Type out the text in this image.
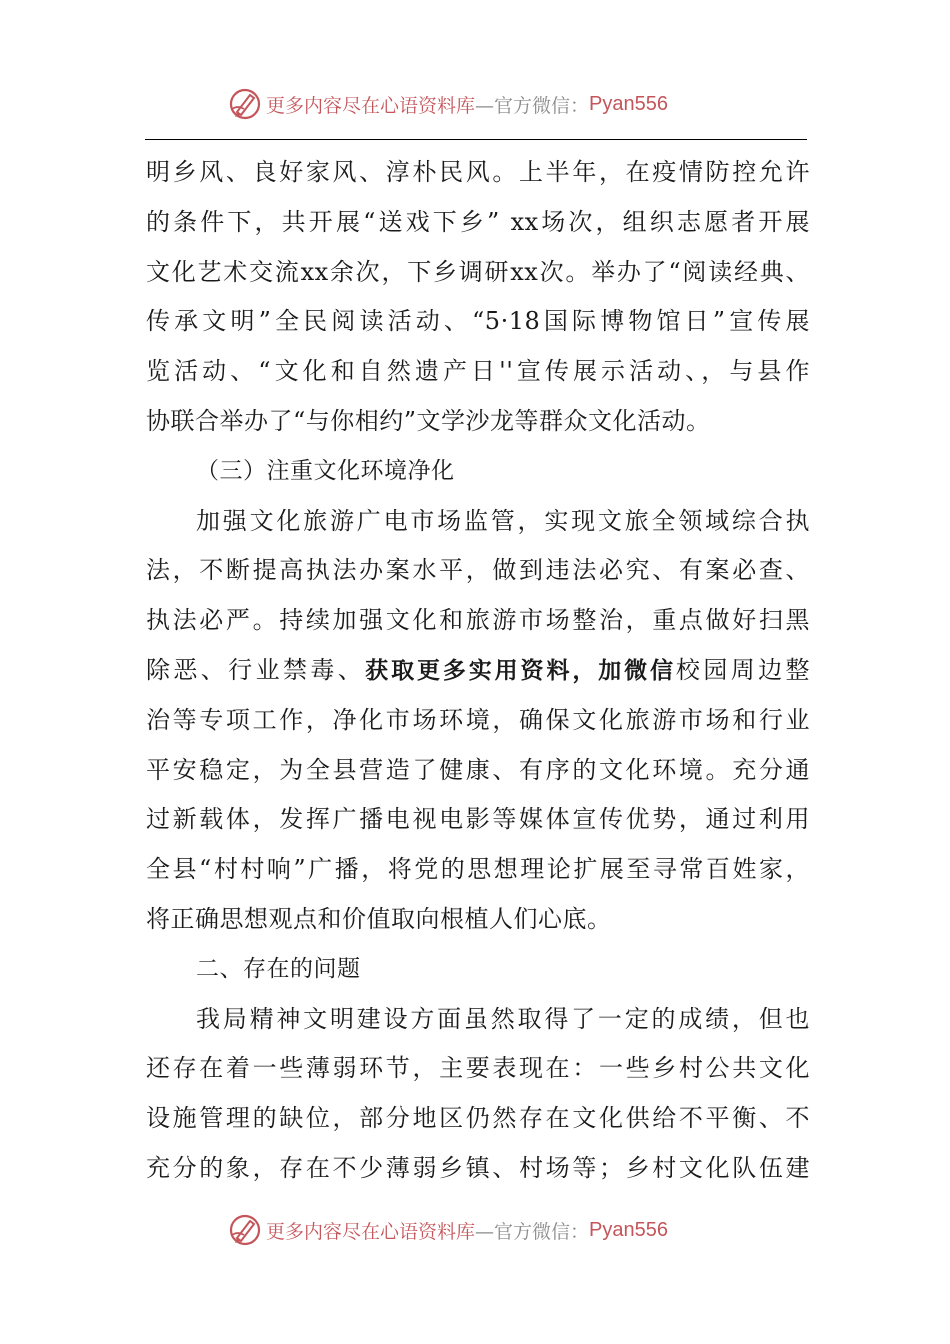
更多内容尽在心语资料库 —官方微信： Pyan556
明乡风、良好家风、淳朴民风。上半年，在疫情防控允许
的条件下，共开展“送戏下乡” xx场次，组织志愿者开展
文化艺术交流xx余次，下乡调研xx次。举办了“阅读经典、
传承文明”全民阅读活动、“5·18国际博物馆日”宣传展
览活动、“文化和自然遗产日''宣传展示活动、，与县作
协联合举办了“与你相约”文学沙龙等群众文化活动。
（三）注重文化环境净化
加强文化旅游广电市场监管，实现文旅全领域综合执
法，不断提高执法办案水平，做到违法必究、有案必查、
执法必严。持续加强文化和旅游市场整治，重点做好扫黑
除恶、行业禁毒、获取更多实用资料，加微信校园周边整
治等专项工作，净化市场环境，确保文化旅游市场和行业
平安稳定，为全县营造了健康、有序的文化环境。充分通
过新载体，发挥广播电视电影等媒体宣传优势，通过利用
全县“村村响”广播，将党的思想理论扩展至寻常百姓家，
将正确思想观点和价值取向根植人们心底。
二、存在的问题
我局精神文明建设方面虽然取得了一定的成绩，但也
还存在着一些薄弱环节，主要表现在：一些乡村公共文化
设施管理的缺位，部分地区仍然存在文化供给不平衡、不
充分的象，存在不少薄弱乡镇、村场等；乡村文化队伍建
更多内容尽在心语资料库 —官方微信： Pyan556
